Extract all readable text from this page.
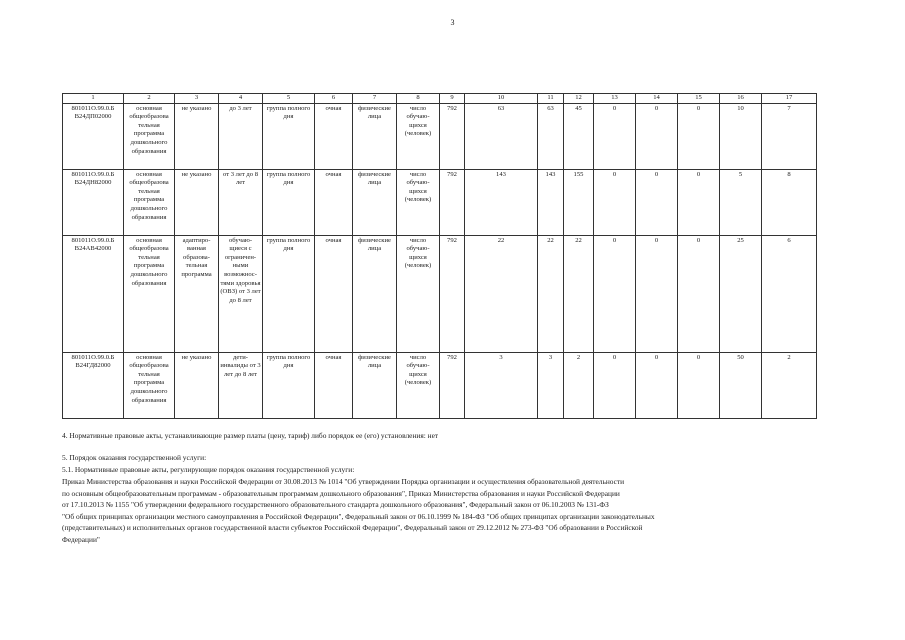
3
1	2	3	4	5	6	7	8	9	10	11	12	13	14	15	16	17
801011О.99.0.Б В24ДП02000	основная общеобразова тельная программа дошкольного образования	не указано	до 3 лет	группа полного дня	очная	физические лица	число обучаю- щихся (человек)	792	63	63	45	0	0	0	10	7
801011О.99.0.Б В24ДН82000	основная общеобразова тельная программа дошкольного образования	не указано	от 3 лет до 8 лет	группа полного дня	очная	физические лица	число обучаю- щихся (человек)	792	143	143	155	0	0	0	5	8
801011О.99.0.Б В24АВ42000	основная общеобразова тельная программа дошкольного образования	адаптиро- ванная образова- тельная программа	обучаю- щиеся с ограничен- ными возможнос- тями здоровья (ОВЗ) от 3 лет до 8 лет	группа полного дня	очная	физические лица	число обучаю- щихся (человек)	792	22	22	22	0	0	0	25	6
801011О.99.0.Б В24ГД82000	основная общеобразова тельная программа дошкольного образования	не указано	дети- инвалиды от 3 лет до 8 лет	группа полного дня	очная	физические лица	число обучаю- щихся (человек)	792	3	3	2	0	0	0	50	2
4. Нормативные правовые акты, устанавливающие размер платы (цену, тариф) либо порядок ее (его) установления: нет
5. Порядок оказания государственной услуги:
5.1. Нормативные правовые акты, регулирующие порядок оказания государственной услуги:
Приказ Министерства образования и науки Российской Федерации от 30.08.2013 № 1014 "Об утверждении Порядка организации и осуществления образовательной деятельности
по основным общеобразовательным программам - образовательным программам дошкольного образования", Приказ Министерства образования и науки Российской Федерации
от 17.10.2013 № 1155 "Об утверждении федерального государственного образовательного стандарта дошкольного образования", Федеральный закон от 06.10.2003 № 131-ФЗ
"Об общих принципах организации местного самоуправления в Российской Федерации", Федеральный закон от 06.10.1999 № 184-ФЗ "Об общих принципах организации законодательных
(представительных) и исполнительных органов государственной власти субъектов Российской Федерации", Федеральный закон от 29.12.2012 № 273-ФЗ "Об образовании в Российской
Федерации"
